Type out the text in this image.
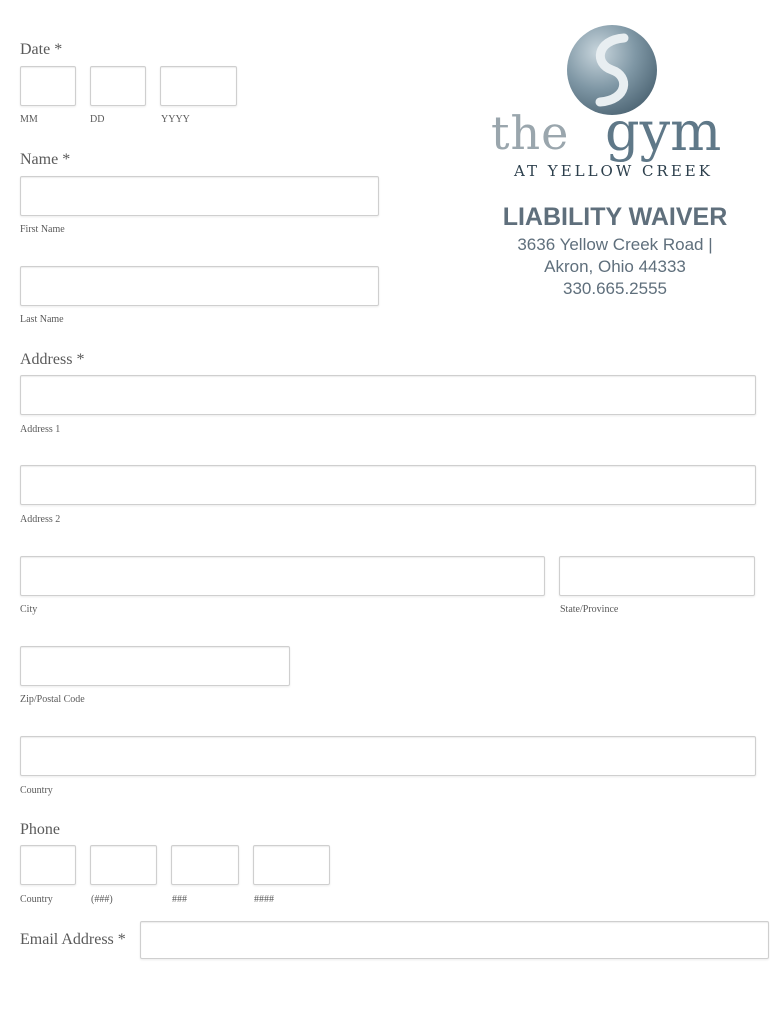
the gym
AT YELLOW CREEK
LIABILITY WAIVER
3636 Yellow Creek Road |
Akron, Ohio 44333
330.665.2555
Date *
MM	DD	YYYY
Name *
First Name
Last Name
Address *
Address 1
Address 2
City	State/Province
Zip/Postal Code
Country
Phone
Country	(###)	###	####
Email Address *
